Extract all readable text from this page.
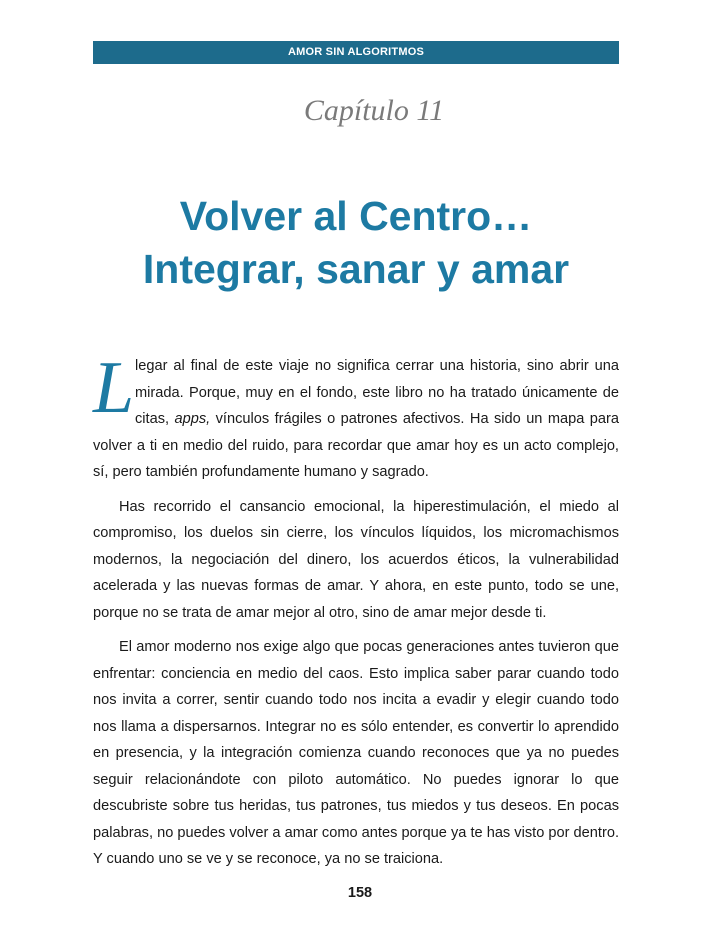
AMOR SIN ALGORITMOS
Capítulo 11
Volver al Centro…
Integrar, sanar y amar

Llegar al final de este viaje no significa cerrar una historia, sino abrir una mirada. Porque, muy en el fondo, este libro no ha tratado únicamente de citas, apps, vínculos frágiles o patrones afectivos. Ha sido un mapa para volver a ti en medio del ruido, para recordar que amar hoy es un acto complejo, sí, pero también profundamente humano y sagrado.

Has recorrido el cansancio emocional, la hiperestimulación, el miedo al compromiso, los duelos sin cierre, los vínculos líquidos, los micromachismos modernos, la negociación del dinero, los acuerdos éticos, la vulnerabilidad acelerada y las nuevas formas de amar. Y ahora, en este punto, todo se une, porque no se trata de amar mejor al otro, sino de amar mejor desde ti.

El amor moderno nos exige algo que pocas generaciones antes tuvieron que enfrentar: conciencia en medio del caos. Esto implica saber parar cuando todo nos invita a correr, sentir cuando todo nos incita a evadir y elegir cuando todo nos llama a dispersarnos. Integrar no es sólo entender, es convertir lo aprendido en presencia, y la integración comienza cuando reconoces que ya no puedes seguir relacionándote con piloto automático. No puedes ignorar lo que descubriste sobre tus heridas, tus patrones, tus miedos y tus deseos. En pocas palabras, no puedes volver a amar como antes porque ya te has visto por dentro. Y cuando uno se ve y se reconoce, ya no se traiciona.

158
